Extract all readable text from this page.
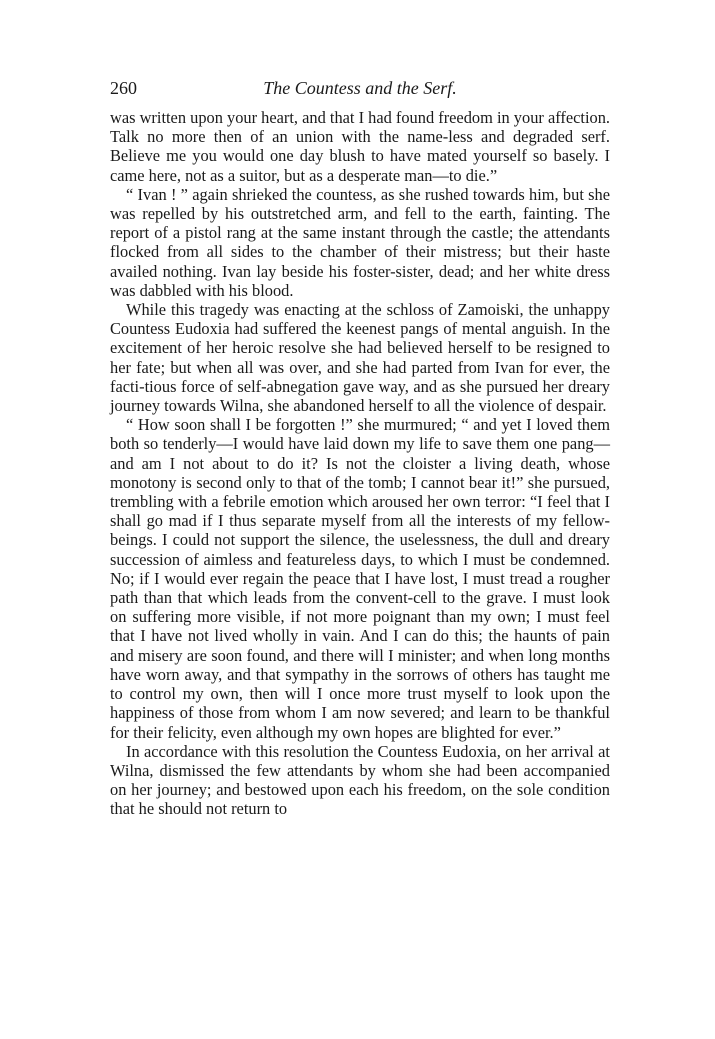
260	The Countess and the Serf.

was written upon your heart, and that I had found freedom in your affection. Talk no more then of an union with the name-less and degraded serf. Believe me you would one day blush to have mated yourself so basely. I came here, not as a suitor, but as a desperate man—to die.”

“ Ivan ! ” again shrieked the countess, as she rushed towards him, but she was repelled by his outstretched arm, and fell to the earth, fainting. The report of a pistol rang at the same instant through the castle; the attendants flocked from all sides to the chamber of their mistress; but their haste availed nothing. Ivan lay beside his foster-sister, dead; and her white dress was dabbled with his blood.

While this tragedy was enacting at the schloss of Zamoiski, the unhappy Countess Eudoxia had suffered the keenest pangs of mental anguish. In the excitement of her heroic resolve she had believed herself to be resigned to her fate; but when all was over, and she had parted from Ivan for ever, the facti-tious force of self-abnegation gave way, and as she pursued her dreary journey towards Wilna, she abandoned herself to all the violence of despair.

“ How soon shall I be forgotten !” she murmured; “ and yet I loved them both so tenderly—I would have laid down my life to save them one pang—and am I not about to do it? Is not the cloister a living death, whose monotony is second only to that of the tomb; I cannot bear it!” she pursued, trembling with a febrile emotion which aroused her own terror: “I feel that I shall go mad if I thus separate myself from all the interests of my fellow-beings. I could not support the silence, the uselessness, the dull and dreary succession of aimless and featureless days, to which I must be condemned. No; if I would ever regain the peace that I have lost, I must tread a rougher path than that which leads from the convent-cell to the grave. I must look on suffering more visible, if not more poignant than my own; I must feel that I have not lived wholly in vain. And I can do this; the haunts of pain and misery are soon found, and there will I minister; and when long months have worn away, and that sympathy in the sorrows of others has taught me to control my own, then will I once more trust myself to look upon the happiness of those from whom I am now severed; and learn to be thankful for their felicity, even although my own hopes are blighted for ever.”

In accordance with this resolution the Countess Eudoxia, on her arrival at Wilna, dismissed the few attendants by whom she had been accompanied on her journey; and bestowed upon each his freedom, on the sole condition that he should not return to
